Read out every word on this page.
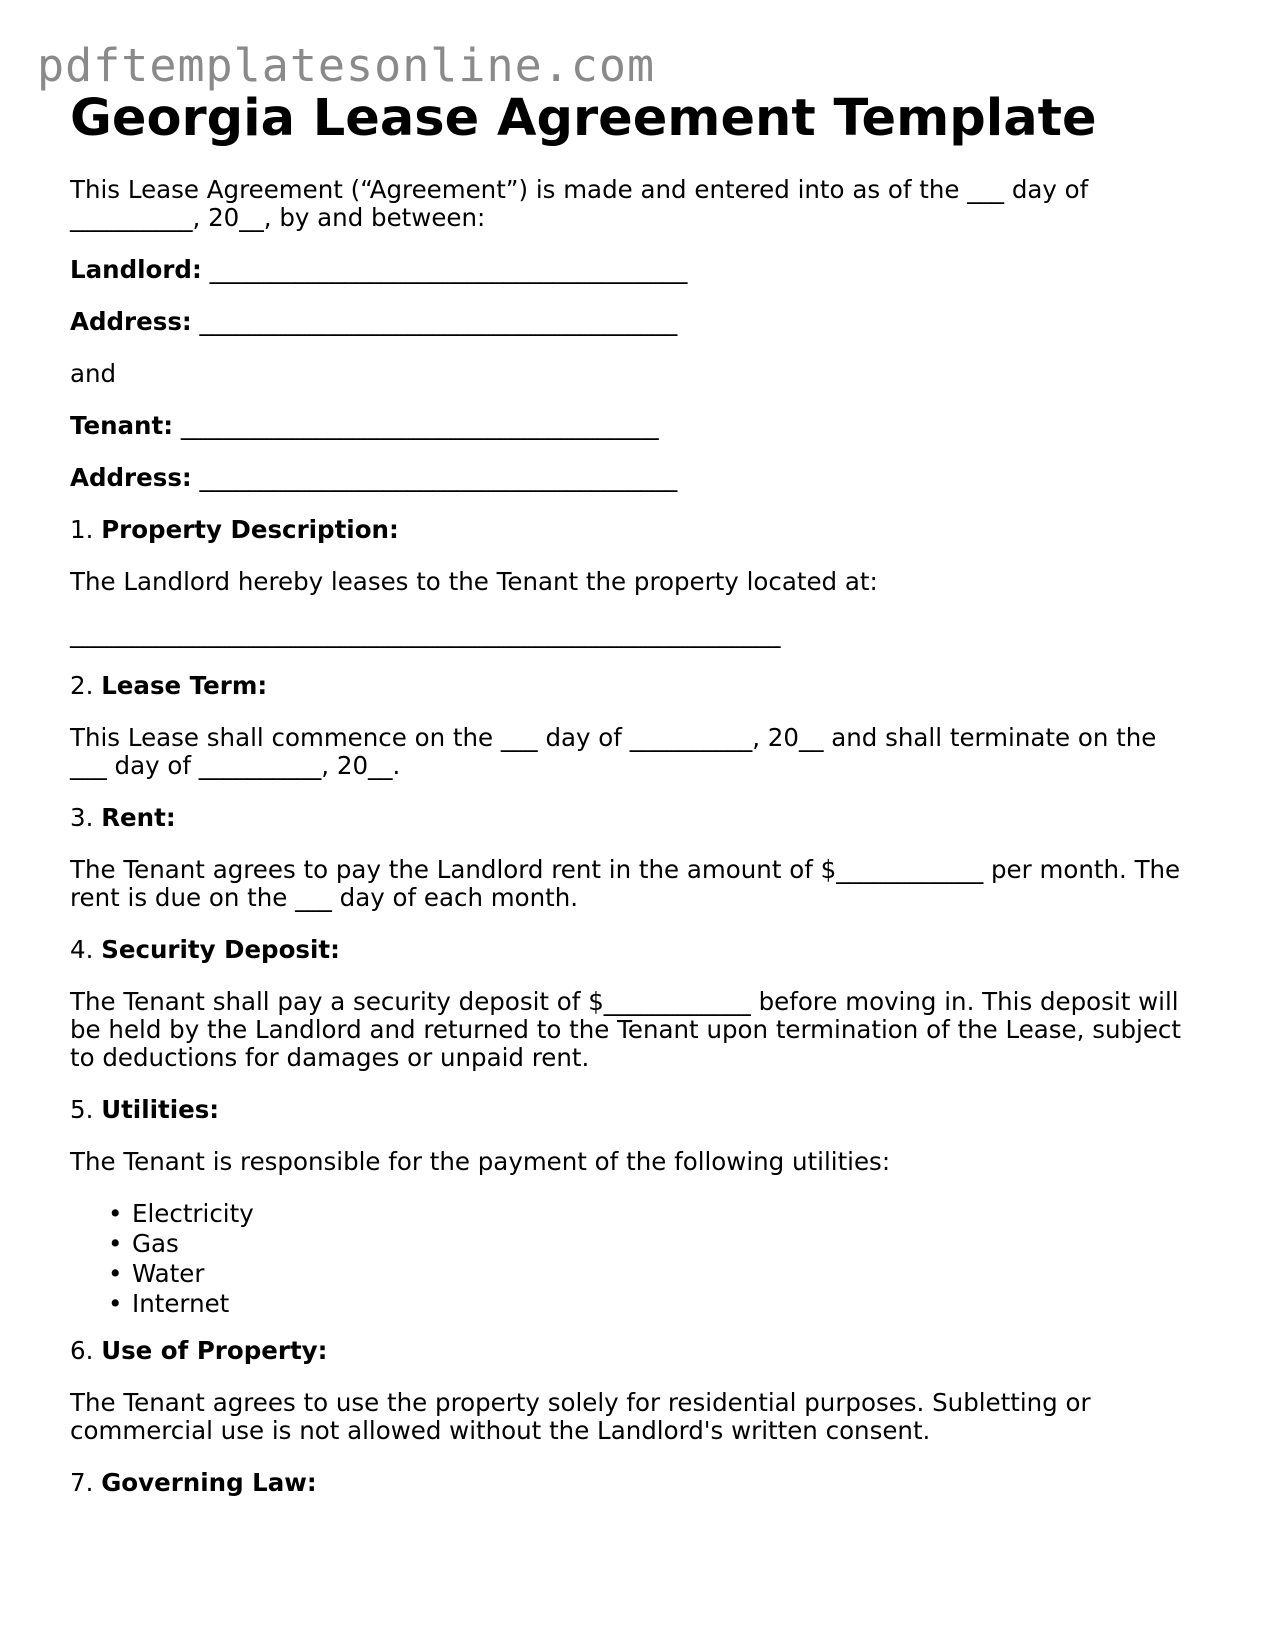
pdftemplatesonline.com
Georgia Lease Agreement Template

This Lease Agreement (“Agreement”) is made and entered into as of the ___ day of

__________, 20__, by and between:

Landlord: _______________________________________

Address: _______________________________________

and

Tenant: _______________________________________

Address: _______________________________________

1. Property Description:

The Landlord hereby leases to the Tenant the property located at:

__________________________________________________________

2. Lease Term:

This Lease shall commence on the ___ day of __________, 20__ and shall terminate on the

___ day of __________, 20__.

3. Rent:

The Tenant agrees to pay the Landlord rent in the amount of $____________ per month. The

rent is due on the ___ day of each month.

4. Security Deposit:

The Tenant shall pay a security deposit of $____________ before moving in. This deposit will

be held by the Landlord and returned to the Tenant upon termination of the Lease, subject

to deductions for damages or unpaid rent.

5. Utilities:

The Tenant is responsible for the payment of the following utilities:

• Electricity
• Gas
• Water
• Internet

6. Use of Property:

The Tenant agrees to use the property solely for residential purposes. Subletting or

commercial use is not allowed without the Landlord's written consent.

7. Governing Law:
